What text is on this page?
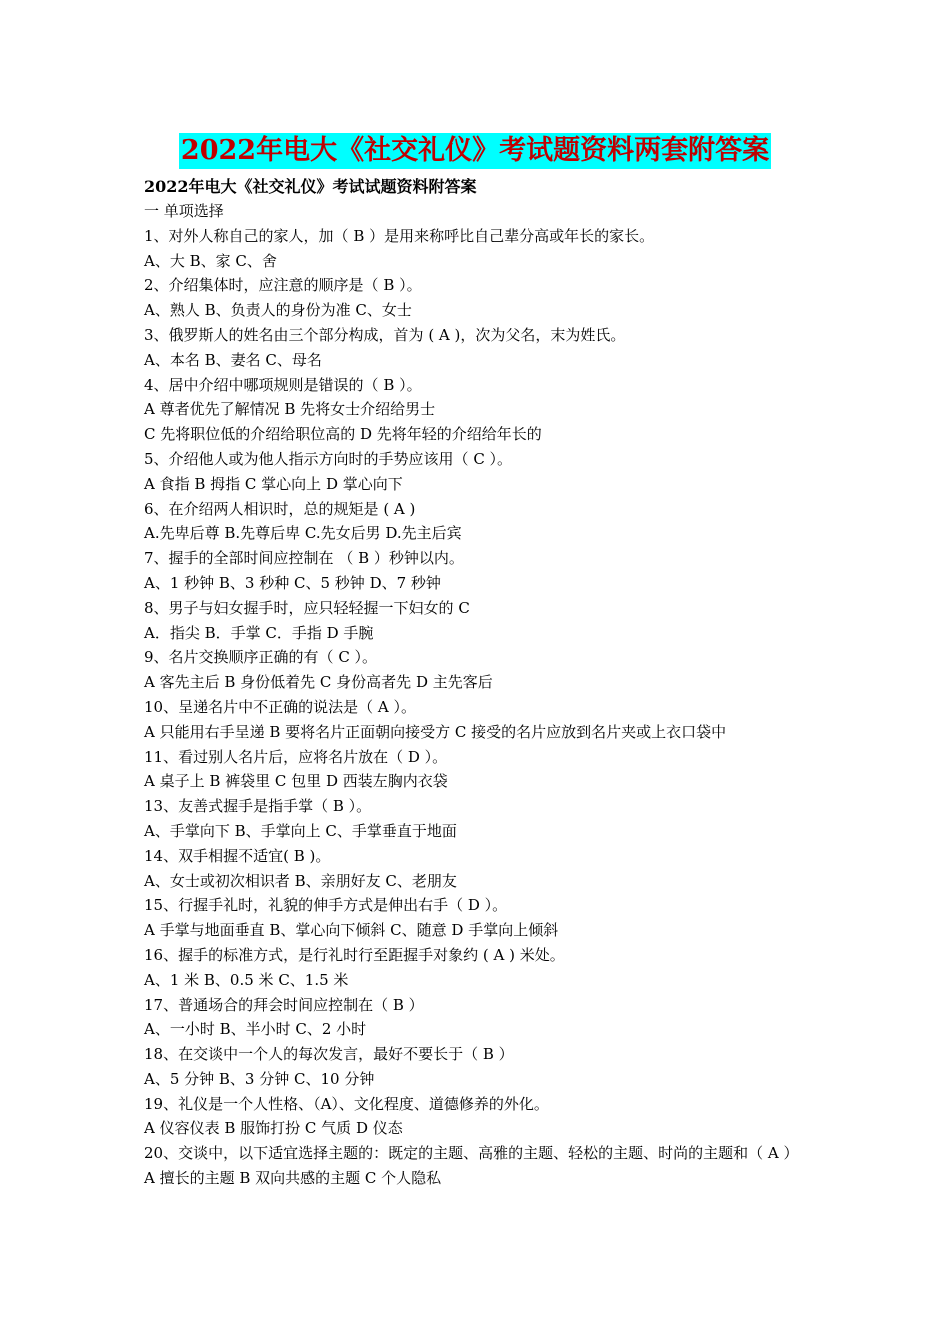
2022年电大《社交礼仪》考试题资料两套附答案
2022年电大《社交礼仪》考试试题资料附答案
一 单项选择
1、对外人称自己的家人，加（ B ）是用来称呼比自己辈分高或年长的家长。
A、大 B、家 C、舍
2、介绍集体时，应注意的顺序是（ B ）。
A、熟人 B、负责人的身份为准 C、女士
3、俄罗斯人的姓名由三个部分构成，首为 ( A )，次为父名，末为姓氏。
A、本名 B、妻名 C、母名
4、居中介绍中哪项规则是错误的（ B ）。
A 尊者优先了解情况 B 先将女士介绍给男士
C 先将职位低的介绍给职位高的 D 先将年轻的介绍给年长的
5、介绍他人或为他人指示方向时的手势应该用（ C ）。
A 食指 B 拇指 C 掌心向上 D 掌心向下
6、在介绍两人相识时，总的规矩是 ( A )
A.先卑后尊 B.先尊后卑 C.先女后男 D.先主后宾
7、握手的全部时间应控制在 （ B ）秒钟以内。
A、1 秒钟 B、3 秒种 C、5 秒钟 D、7 秒钟
8、男子与妇女握手时，应只轻轻握一下妇女的 C
A．指尖 B．手掌 C．手指 D 手腕
9、名片交换顺序正确的有（ C ）。
A 客先主后 B 身份低着先 C 身份高者先 D 主先客后
10、呈递名片中不正确的说法是（ A ）。
A 只能用右手呈递 B 要将名片正面朝向接受方 C 接受的名片应放到名片夹或上衣口袋中
11、看过别人名片后，应将名片放在（ D ）。
A 桌子上 B 裤袋里 C 包里 D 西装左胸内衣袋
13、友善式握手是指手掌（ B ）。
A、手掌向下 B、手掌向上 C、手掌垂直于地面
14、双手相握不适宜( B )。
A、女士或初次相识者 B、亲朋好友 C、老朋友
15、行握手礼时，礼貌的伸手方式是伸出右手（ D ）。
A 手掌与地面垂直 B、掌心向下倾斜 C、随意 D 手掌向上倾斜
16、握手的标准方式，是行礼时行至距握手对象约 ( A ) 米处。
A、1 米 B、0.5 米 C、1.5 米
17、普通场合的拜会时间应控制在（ B ）
A、一小时 B、半小时 C、2 小时
18、在交谈中一个人的每次发言，最好不要长于（ B ）
A、5 分钟 B、3 分钟 C、10 分钟
19、礼仪是一个人性格、（A）、文化程度、道德修养的外化。
A 仪容仪表 B 服饰打扮 C 气质 D 仪态
20、交谈中，以下适宜选择主题的：既定的主题、高雅的主题、轻松的主题、时尚的主题和（ A ）
A 擅长的主题 B 双向共感的主题 C 个人隐私
